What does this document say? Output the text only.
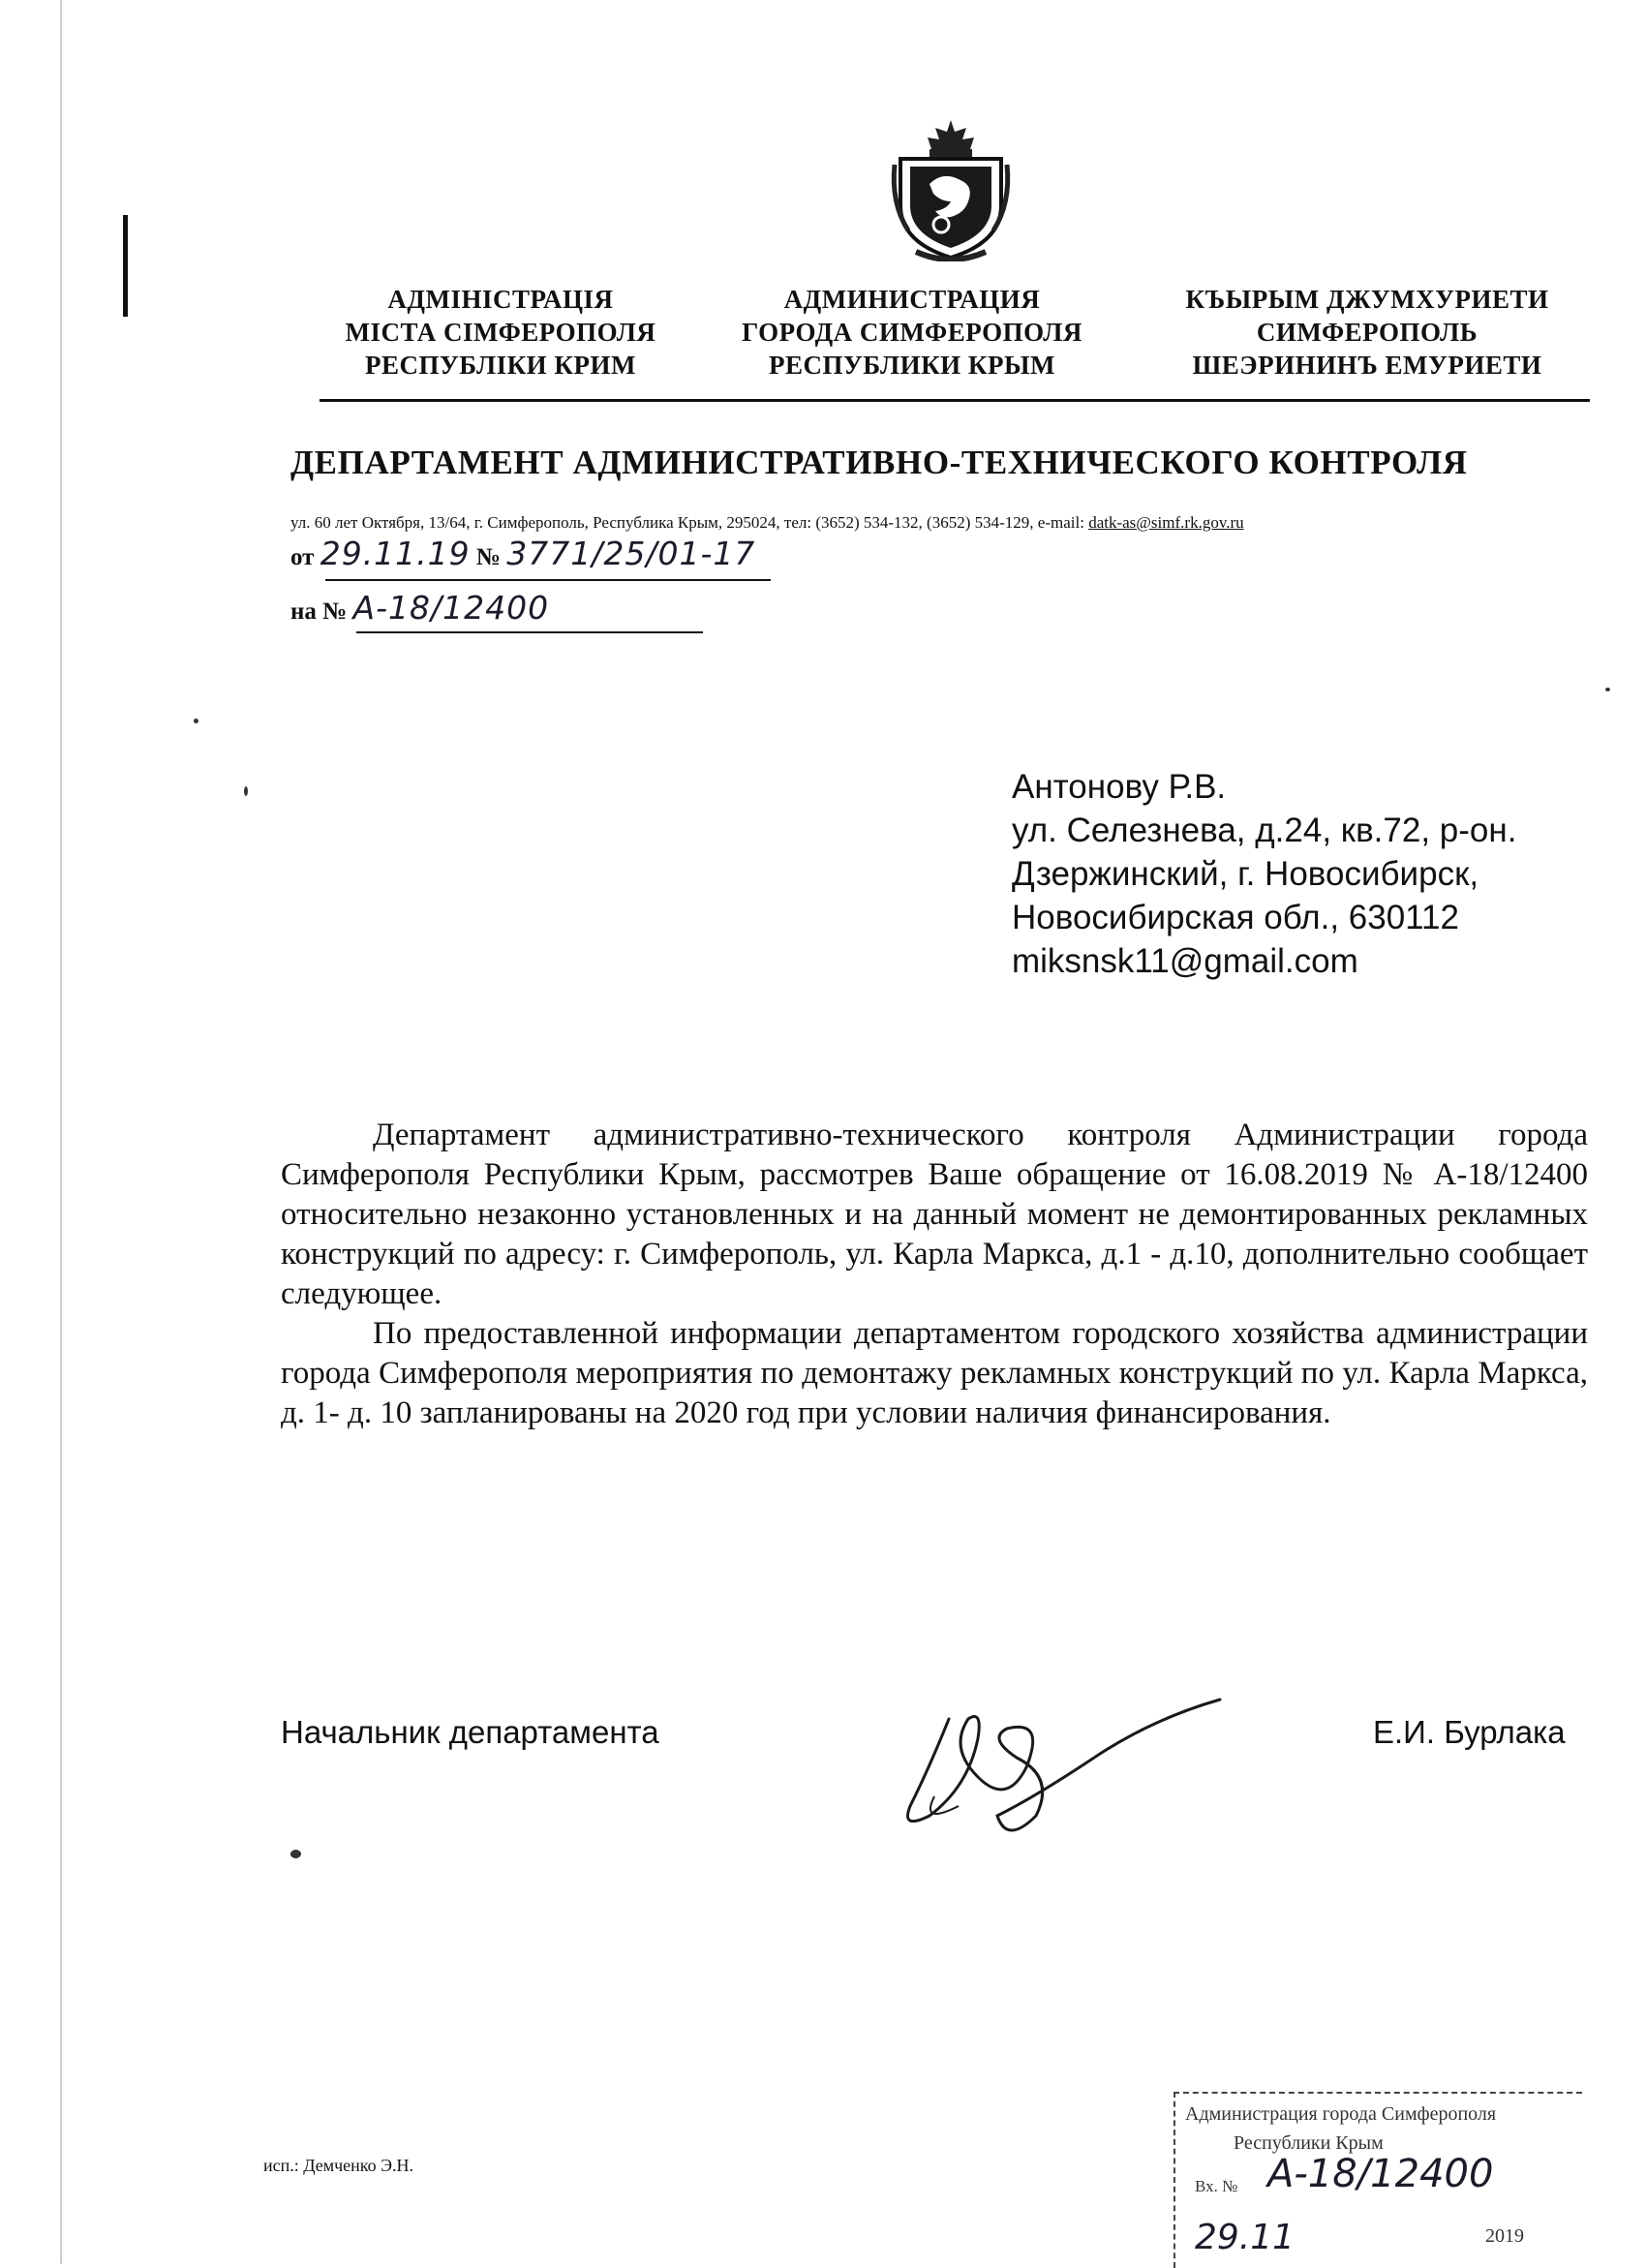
АДМІНІСТРАЦІЯ
МІСТА СІМФЕРОПОЛЯ
РЕСПУБЛІКИ КРИМ
АДМИНИСТРАЦИЯ
ГОРОДА СИМФЕРОПОЛЯ
РЕСПУБЛИКИ КРЫМ
КЪЫРЫМ ДЖУМХУРИЕТИ
СИМФЕРОПОЛЬ
ШЕЭРИНИНЪ ЕМУРИЕТИ
ДЕПАРТАМЕНТ АДМИНИСТРАТИВНО-ТЕХНИЧЕСКОГО КОНТРОЛЯ
ул. 60 лет Октября, 13/64, г. Симферополь, Республика Крым, 295024, тел: (3652) 534-132, (3652) 534-129, e-mail: datk-as@simf.rk.gov.ru
от 29.11.19 № 3771/25/01-17
на № А-18/12400
Антонову Р.В.
ул. Селезнева, д.24, кв.72, р-он.
Дзержинский, г. Новосибирск,
Новосибирская обл., 630112
miksnsk11@gmail.com

Департамент административно-технического контроля Администрации города Симферополя Республики Крым, рассмотрев Ваше обращение от 16.08.2019 № А-18/12400 относительно незаконно установленных и на данный момент не демонтированных рекламных конструкций по адресу: г. Симферополь, ул. Карла Маркса, д.1 - д.10, дополнительно сообщает следующее.

По предоставленной информации департаментом городского хозяйства администрации города Симферополя мероприятия по демонтажу рекламных конструкций по ул. Карла Маркса, д. 1- д. 10 запланированы на 2020 год при условии наличия финансирования.

Начальник департамента	Е.И. Бурлака
исп.: Демченко Э.Н.
Администрация города Симферополя
Республики Крым
Вх. № А-18/12400
29.11	2019
